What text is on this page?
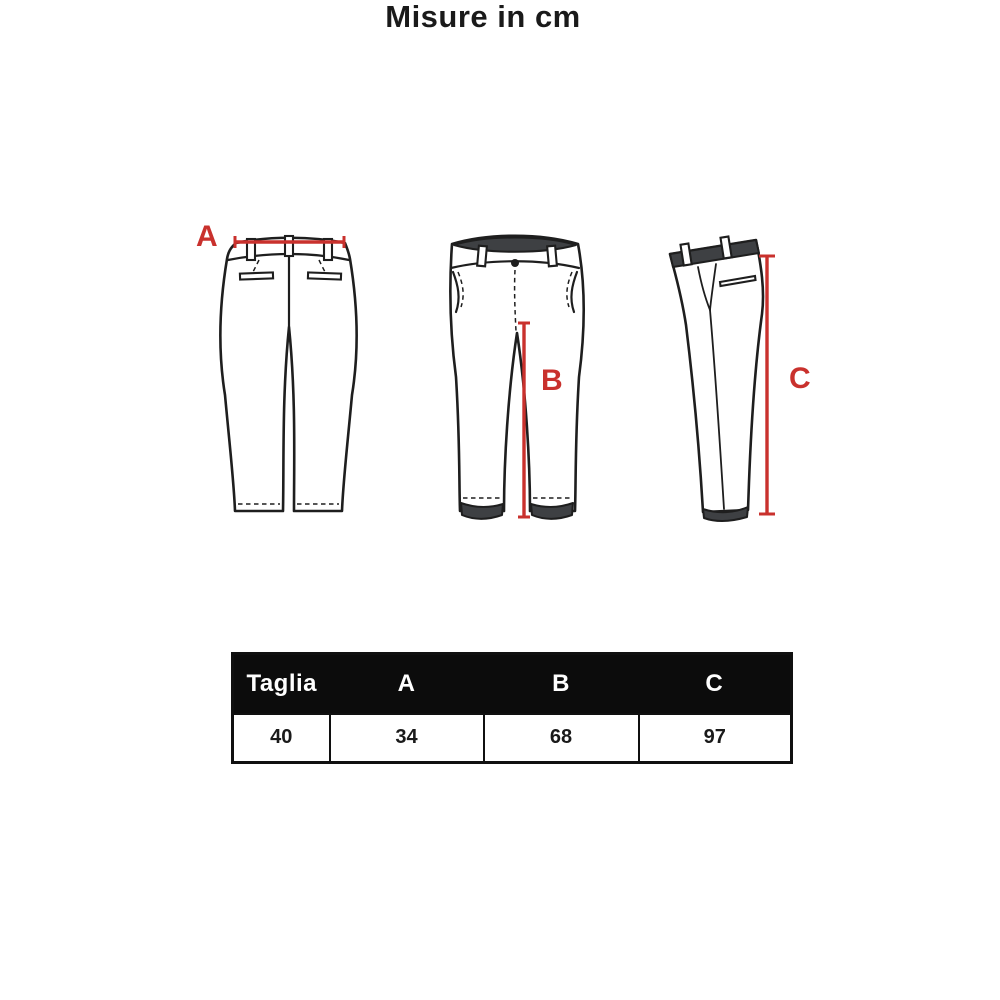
A
B	C
Misure in cm
Taglia	A	B	C
40	34	68	97
